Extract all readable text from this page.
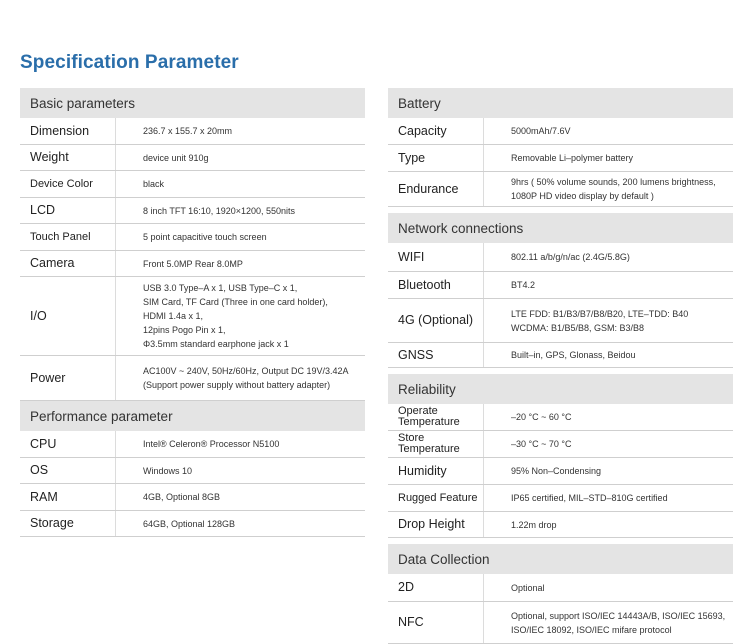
Specification Parameter
Basic parameters
Dimension	236.7 x 155.7 x 20mm
Weight	device unit 910g
Device Color	black
LCD	8 inch TFT 16:10, 1920×1200, 550nits
Touch Panel	5 point capacitive touch screen
Camera	Front 5.0MP Rear 8.0MP
I/O
USB 3.0 Type–A x 1, USB Type–C x 1,
SIM Card, TF Card (Three in one card holder),
HDMI 1.4a x 1,
12pins Pogo Pin x 1,
Φ3.5mm standard earphone jack x 1
Power	AC100V ~ 240V, 50Hz/60Hz, Output DC 19V/3.42A
(Support power supply without battery adapter)
Performance parameter
CPU	Intel® Celeron® Processor N5100
OS	Windows 10
RAM	4GB, Optional 8GB
Storage	64GB, Optional 128GB
Battery
Capacity	5000mAh/7.6V
Type	Removable Li–polymer battery
Endurance	9hrs ( 50% volume sounds, 200 lumens brightness,
1080P HD video display by default )
Network connections
WIFI	802.11 a/b/g/n/ac (2.4G/5.8G)
Bluetooth	BT4.2
4G (Optional)	LTE FDD: B1/B3/B7/B8/B20, LTE–TDD: B40
WCDMA: B1/B5/B8, GSM: B3/B8
GNSS	Built–in, GPS, Glonass, Beidou
Reliability
Operate Temperature	–20 °C ~ 60 °C
Store Temperature	–30 °C ~ 70 °C
Humidity	95% Non–Condensing
Rugged Feature	IP65 certified, MIL–STD–810G certified
Drop Height	1.22m drop
Data Collection
2D	Optional
NFC	Optional, support ISO/IEC 14443A/B, ISO/IEC 15693,
ISO/IEC 18092, ISO/IEC mifare protocol
